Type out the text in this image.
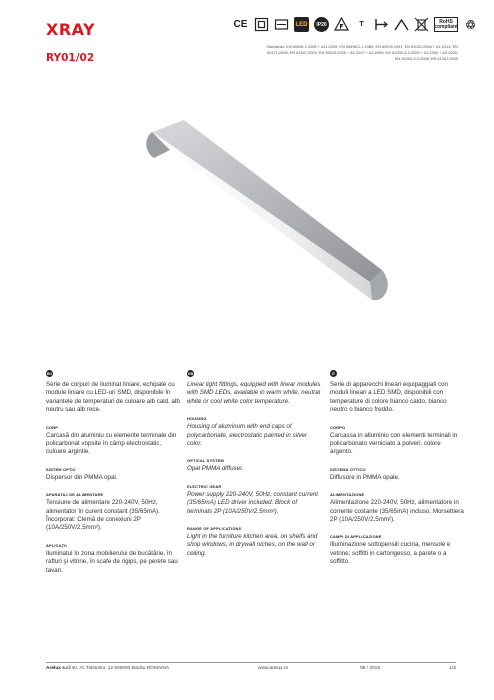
XRAY
RY01/02
CE	LED	IP20	F	T	RoHS compliant ♲
Standards: EN 60598-1:2008 + A11:2009; EN 60598-2-1:1989; EN 60529:1991; EN 62031:2008 + A1:2013; EN 62471:2008; EN 61547:2009; EN 55015:2006 + A1:2007 + A2:2009; EN 61000-3-2:2006 + A1:2009 + A2:2009; EN 61000-3-3:2008; EN 61347:2009
RO
Serie de corpuri de iluminat liniare, echipate cu module liniare cu LED-uri SMD, disponibile în variantele de temperaturi de culoare alb cald, alb neutru sau alb rece.
CORP
Carcasă din aluminiu cu elemente terminale din policarbonat vopsite în câmp electrostatic, culoare argintie.
SISTEM OPTIC
Dispersor din PMMA opal.
APARATAJ DE ALIMENTARE
Tensiune de alimentare 220-240V, 50Hz, alimentator în curent constant (35/65mA). Încorporat: Clemă de conexiuni 2P (10A/250V/2,5mm²).
APLICAŢII
Iluminatul în zona mobilierului de bucătărie, în rafturi şi vitrine, în scafe de rigips, pe perete sau tavan.
GB
Linear light fittings, equipped with linear modules with SMD LEDs, available in warm white, neutral white or cool white color temperature.
HOUSING
Housing of aluminum with end caps of polycarbonate, electrostatic painted in silver color.
OPTICAL SYSTEM
Opal PMMA diffuser.
ELECTRIC GEAR
Power supply 220-240V, 50Hz, constant current (35/65mA) LED driver included. Block of terminals 2P (10A/250V/2,5mm²).
RANGE OF APPLICATIONS
Light in the furniture kitchen area, on shelfs and shop windows, in drywall niches, on the wall or ceiling.
IT
Serie di apparecchi lineari equipaggiati con moduli lineari a LED SMD, disponibili con temperature di colore bianco caldo, bianco neutro o bianco freddo.
CORPO
Carcassa in alluminio con elementi terminali in policarbonato verniciato a polveri, colore argento.
SISTEMA OTTICO
Diffusore in PMMA opale.
ALIMENTAZIONE
Alimentazione 220-240V, 50Hz, alimentatore in corrente costante (35/65mA) incluso. Morsettiera 2P (10A/250V/2,5mm²).
CAMPI DI APPLICAZIONE
Illuminazione sottopensili cucina, mensole e vetrine; soffitti in cartongesso, a parete o a soffitto.
Arelux s.r.l str. Al. Tolstoimr. 12 600093 Bacău ROMANIA	www.arelux.ro	08 / 2015	1/2
